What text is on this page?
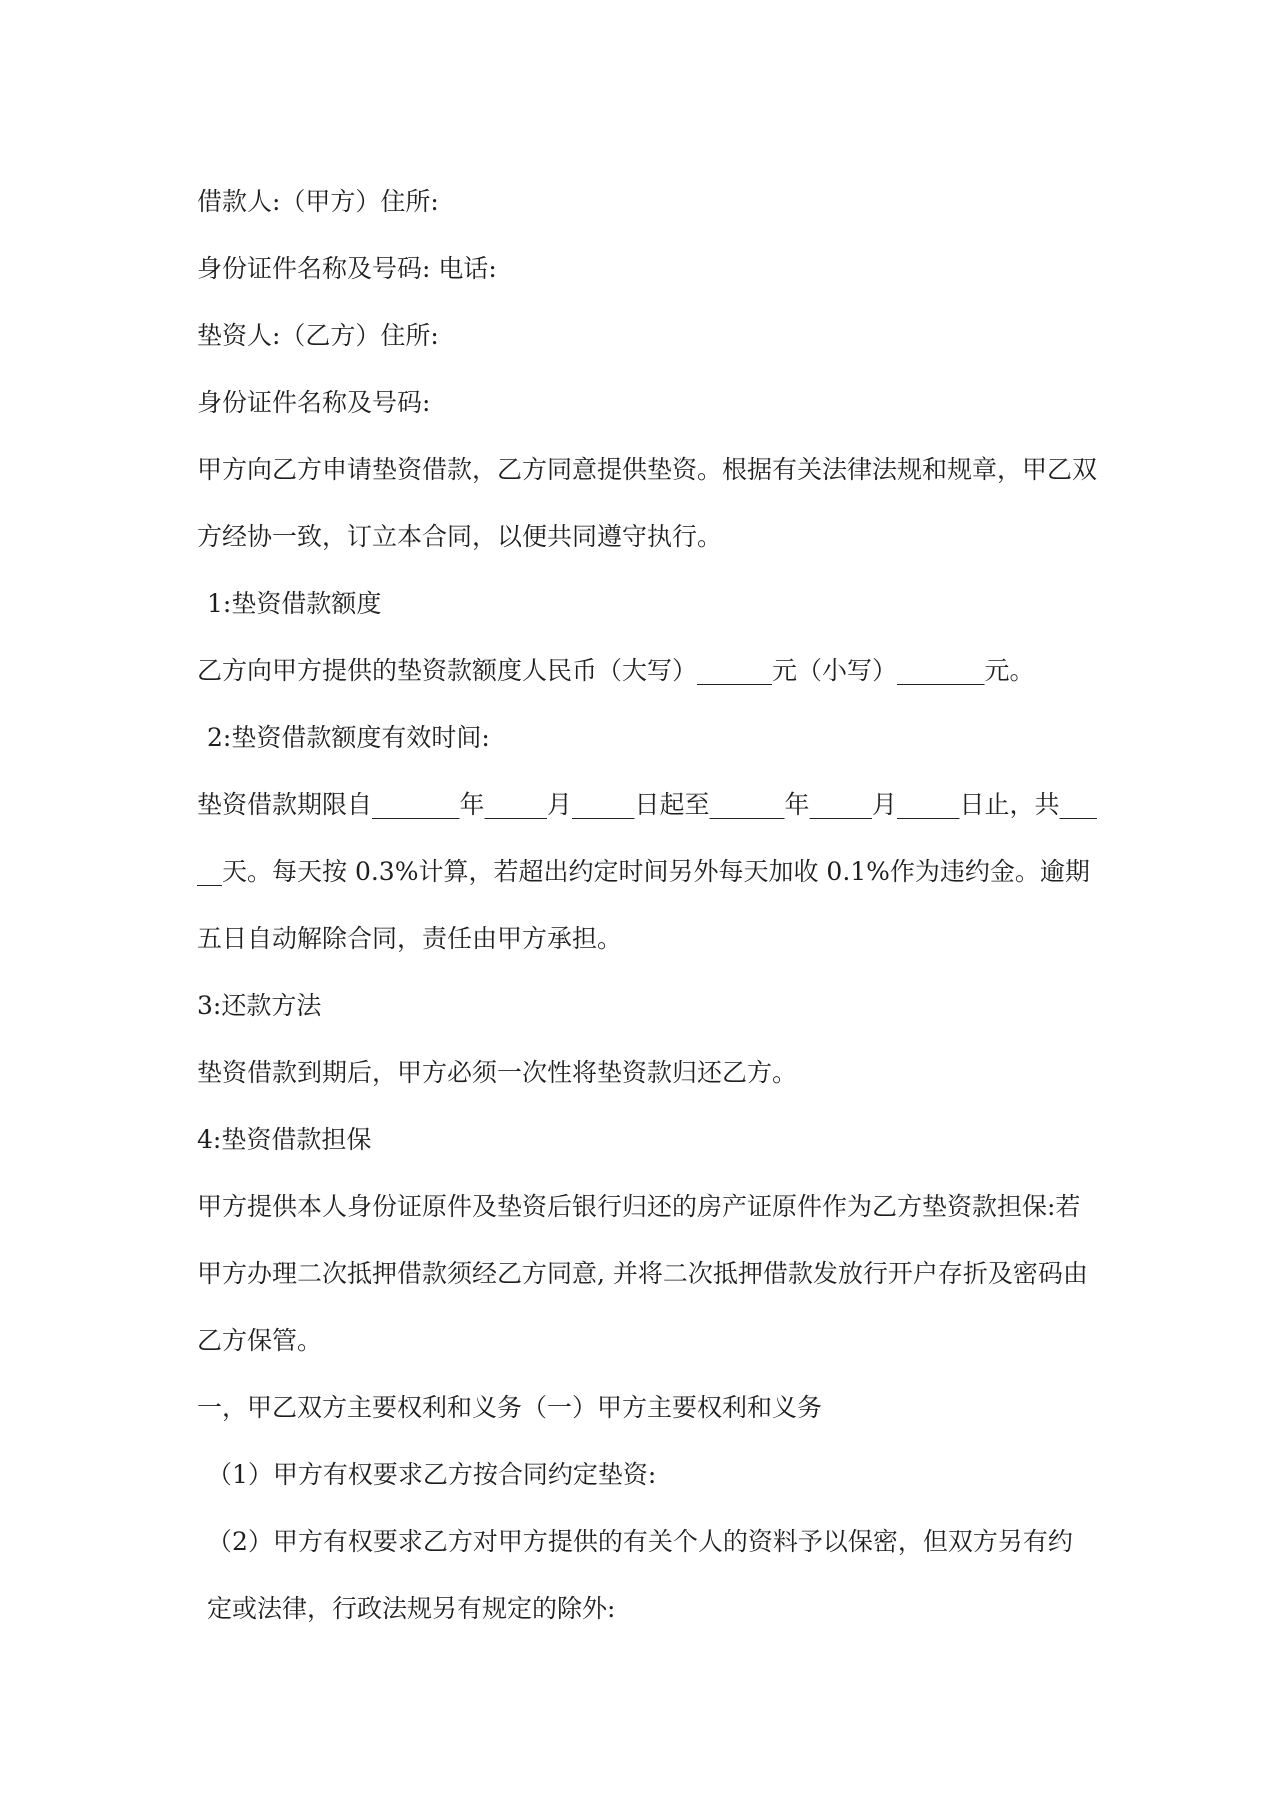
借款人:（甲方）住所:

身份证件名称及号码: 电话:

垫资人:（乙方）住所:

身份证件名称及号码:

甲方向乙方申请垫资借款，乙方同意提供垫资。根据有关法律法规和规章，甲乙双方经协一致，订立本合同，以便共同遵守执行。

1:垫资借款额度

乙方向甲方提供的垫资款额度人民币（大写）______元（小写）_______元。

2:垫资借款额度有效时间:

垫资借款期限自_______年_____月_____日起至______年_____月_____日止，共_____天。每天按 0.3%计算，若超出约定时间另外每天加收 0.1%作为违约金。逾期五日自动解除合同，责任由甲方承担。

3:还款方法

垫资借款到期后，甲方必须一次性将垫资款归还乙方。

4:垫资借款担保

甲方提供本人身份证原件及垫资后银行归还的房产证原件作为乙方垫资款担保:若甲方办理二次抵押借款须经乙方同意, 并将二次抵押借款发放行开户存折及密码由乙方保管。

一，甲乙双方主要权利和义务（一）甲方主要权利和义务

（1）甲方有权要求乙方按合同约定垫资:

（2）甲方有权要求乙方对甲方提供的有关个人的资料予以保密，但双方另有约定或法律，行政法规另有规定的除外:
